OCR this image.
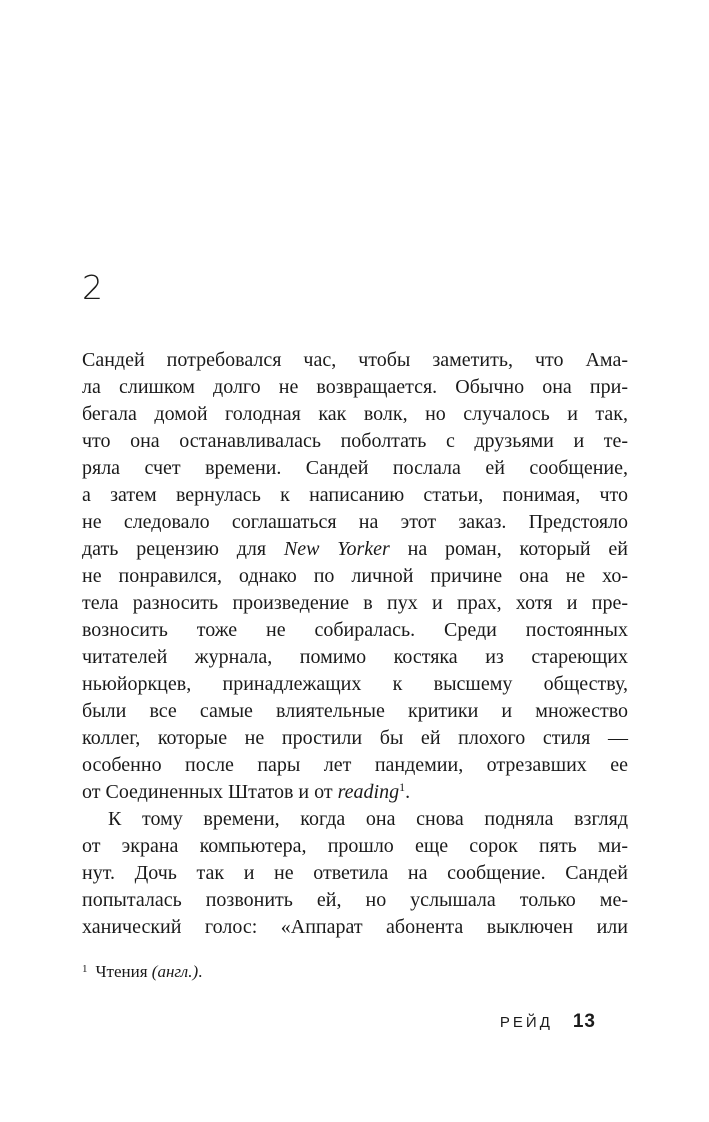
2
Сандей потребовался час, чтобы заметить, что Ама-
ла слишком долго не возвращается. Обычно она при-
бегала домой голодная как волк, но случалось и так,
что она останавливалась поболтать с друзьями и те-
ряла счет времени. Сандей послала ей сообщение,
а затем вернулась к написанию статьи, понимая, что
не следовало соглашаться на этот заказ. Предстояло
дать рецензию для New Yorker на роман, который ей
не понравился, однако по личной причине она не хо-
тела разносить произведение в пух и прах, хотя и пре-
возносить тоже не собиралась. Среди постоянных
читателей журнала, помимо костяка из стареющих
ньюйоркцев, принадлежащих к высшему обществу,
были все самые влиятельные критики и множество
коллег, которые не простили бы ей плохого стиля —
особенно после пары лет пандемии, отрезавших ее
от Соединенных Штатов и от reading$^1$.
К тому времени, когда она снова подняла взгляд
от экрана компьютера, прошло еще сорок пять ми-
нут. Дочь так и не ответила на сообщение. Сандей
попыталась позвонить ей, но услышала только ме-
ханический голос: «Аппарат абонента выключен или
$^1$ Чтения (англ.).
РЕЙД 13
